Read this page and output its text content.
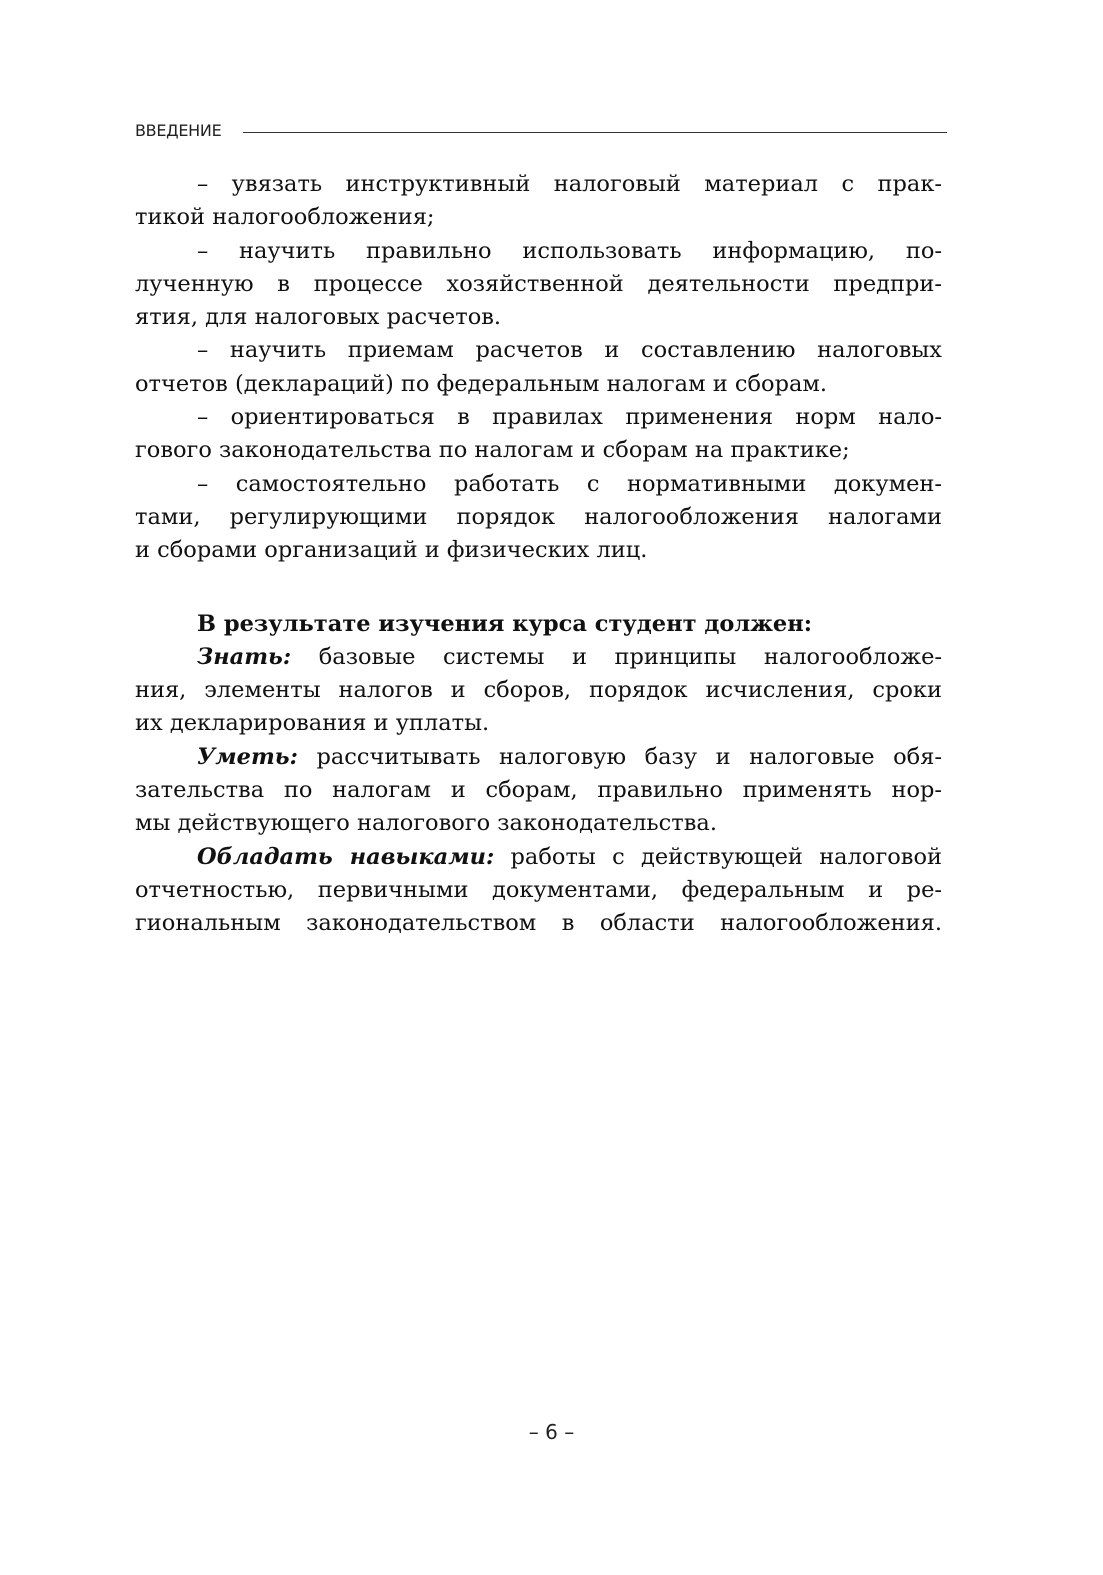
ВВЕДЕНИЕ
– увязать инструктивный налоговый материал с прак-
тикой налогообложения;
– научить правильно использовать информацию, по-
лученную в процессе хозяйственной деятельности предпри-
ятия, для налоговых расчетов.
– научить приемам расчетов и составлению налоговых
отчетов (деклараций) по федеральным налогам и сборам.
– ориентироваться в правилах применения норм нало-
гового законодательства по налогам и сборам на практике;
– самостоятельно работать с нормативными докумен-
тами, регулирующими порядок налогообложения налогами
и сборами организаций и физических лиц.
В результате изучения курса студент должен:
Знать: базовые системы и принципы налогообложе-
ния, элементы налогов и сборов, порядок исчисления, сроки
их декларирования и уплаты.
Уметь: рассчитывать налоговую базу и налоговые обя-
зательства по налогам и сборам, правильно применять нор-
мы действующего налогового законодательства.
Обладать навыками: работы с действующей налоговой
отчетностью, первичными документами, федеральным и ре-
гиональным законодательством в области налогообложения.
– 6 –
